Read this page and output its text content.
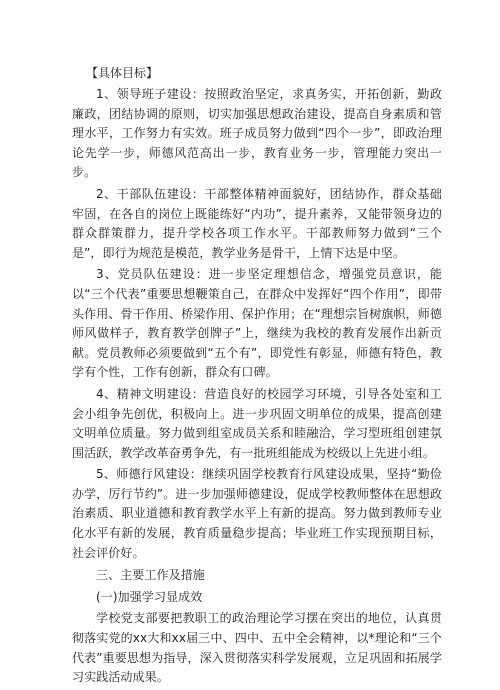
【具体目标】

1、领导班子建设：按照政治坚定，求真务实，开拓创新，勤政廉政，团结协调的原则，切实加强思想政治建设，提高自身素质和管理水平，工作努力有实效。班子成员努力做到“四个一步”，即政治理论先学一步，师德风范高出一步，教育业务一步，管理能力突出一步。

2、干部队伍建设：干部整体精神面貌好，团结协作，群众基础牢固，在各自的岗位上既能练好“内功”，提升素养，又能带领身边的群众群策群力，提升学校各项工作水平。干部教师努力做到“三个是”，即行为规范是模范，教学业务是骨干，上情下达是中坚。

3、党员队伍建设：进一步坚定理想信念，增强党员意识，能以“三个代表”重要思想鞭策自己，在群众中发挥好“四个作用”，即带头作用、骨干作用、桥梁作用、保护作用；在“理想宗旨树旗帜，师德师风做样子，教育教学创牌子”上，继续为我校的教育发展作出新贡献。党员教师必须要做到“五个有”，即党性有彰显，师德有特色，教学有个性，工作有创新，群众有口碑。

4、精神文明建设：营造良好的校园学习环境，引导各处室和工会小组争先创优，积极向上。进一步巩固文明单位的成果，提高创建文明单位质量。努力做到组室成员关系和睦融洽，学习型班组创建氛围活跃，教学改革奋勇争先，有一批班组能成为校级以上先进小组。

5、师德行风建设：继续巩固学校教育行风建设成果，坚持“勤俭办学，厉行节约”。进一步加强师德建设，促成学校教师整体在思想政治素质、职业道德和教育教学水平上有新的提高。努力做到教师专业化水平有新的发展，教育质量稳步提高；毕业班工作实现预期目标，社会评价好。

三、主要工作及措施

(一)加强学习显成效

学校党支部要把教职工的政治理论学习摆在突出的地位，认真贯彻落实党的xx大和xx届三中、四中、五中全会精神，以*理论和“三个代表”重要思想为指导，深入贯彻落实科学发展观，立足巩固和拓展学习实践活动成果。
